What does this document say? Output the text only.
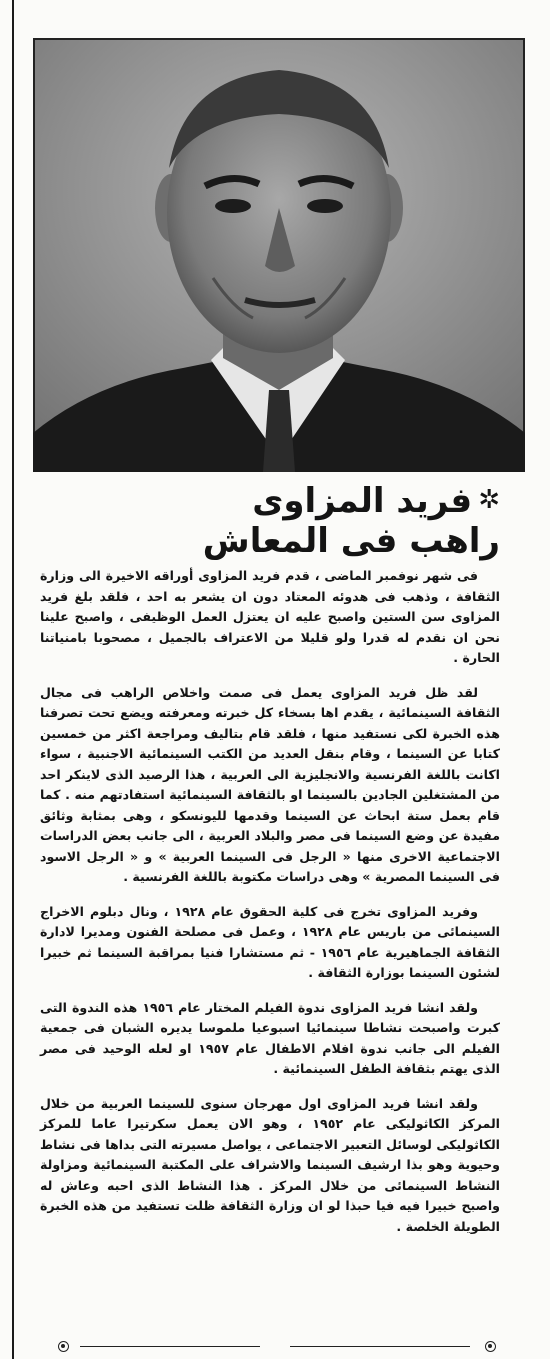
✲فريد المزاوى
راهب فى المعاش

فى شهر نوفمبر الماضى ، قدم فريد المزاوى أوراقه الاخيرة الى وزارة الثقافة ، وذهب فى هدوئه المعتاد دون ان يشعر به احد ، فلقد بلغ فريد المزاوى سن الستين واصبح عليه ان يعتزل العمل الوظيفى ، واصبح علينا نحن ان نقدم له قدرا ولو قليلا من الاعتراف بالجميل ، مصحوبا بامنياتنا الحارة .

لقد ظل فريد المزاوى يعمل فى صمت واخلاص الراهب فى مجال الثقافة السينمائية ، يقدم اها بسخاء كل خبرته ومعرفته ويضع تحت تصرفنا هذه الخبرة لكى نستفيد منها ، فلقد قام بتاليف ومراجعة اكثر من خمسين كتابا عن السينما ، وقام بنقل العديد من الكتب السينمائية الاجنبية ، سواء اكانت باللغة الفرنسية والانجليزية الى العربية ، هذا الرصيد الذى لاينكر احد من المشتغلين الجادين بالسينما او بالثقافة السينمائية استفادتهم منه . كما قام بعمل ستة ابحاث عن السينما وقدمها لليونسكو ، وهى بمثابة وثائق مفيدة عن وضع السينما فى مصر والبلاد العربية ، الى جانب بعض الدراسات الاجتماعية الاخرى منها « الرجل فى السينما العربية » و « الرجل الاسود فى السينما المصرية » وهى دراسات مكتوبة باللغة الفرنسية .

وفريد المزاوى تخرج فى كلية الحقوق عام ١٩٢٨ ، ونال دبلوم الاخراج السينمائى من باريس عام ١٩٢٨ ، وعمل فى مصلحة الفنون ومديرا لادارة الثقافة الجماهيرية عام ١٩٥٦ - ثم مستشارا فنيا بمراقبة السينما ثم خبيرا لشئون السينما بوزارة الثقافة .

ولقد انشا فريد المزاوى ندوة الفيلم المختار عام ١٩٥٦ هذه الندوة التى كبرت واصبحت نشاطا سينمائيا اسبوعيا ملموسا يديره الشبان فى جمعية الفيلم الى جانب ندوة افلام الاطفال عام ١٩٥٧ او لعله الوحيد فى مصر الذى يهتم بثقافة الطفل السينمائية .

ولقد انشا فريد المزاوى اول مهرجان سنوى للسينما العربية من خلال المركز الكاثوليكى عام ١٩٥٢ ، وهو الان يعمل سكرتيرا عاما للمركز الكاثوليكى لوسائل التعبير الاجتماعى ، يواصل مسيرته التى بداها فى نشاط وحيوية وهو بذا ارشيف السينما والاشراف على المكتبة السينمائية ومزاولة النشاط السينمائى من خلال المركز . هذا النشاط الذى احبه وعاش له واصبح خبيرا فيه فيا حبذا لو ان وزارة الثقافة ظلت تستفيد من هذه الخبرة الطويلة الخلصة .
